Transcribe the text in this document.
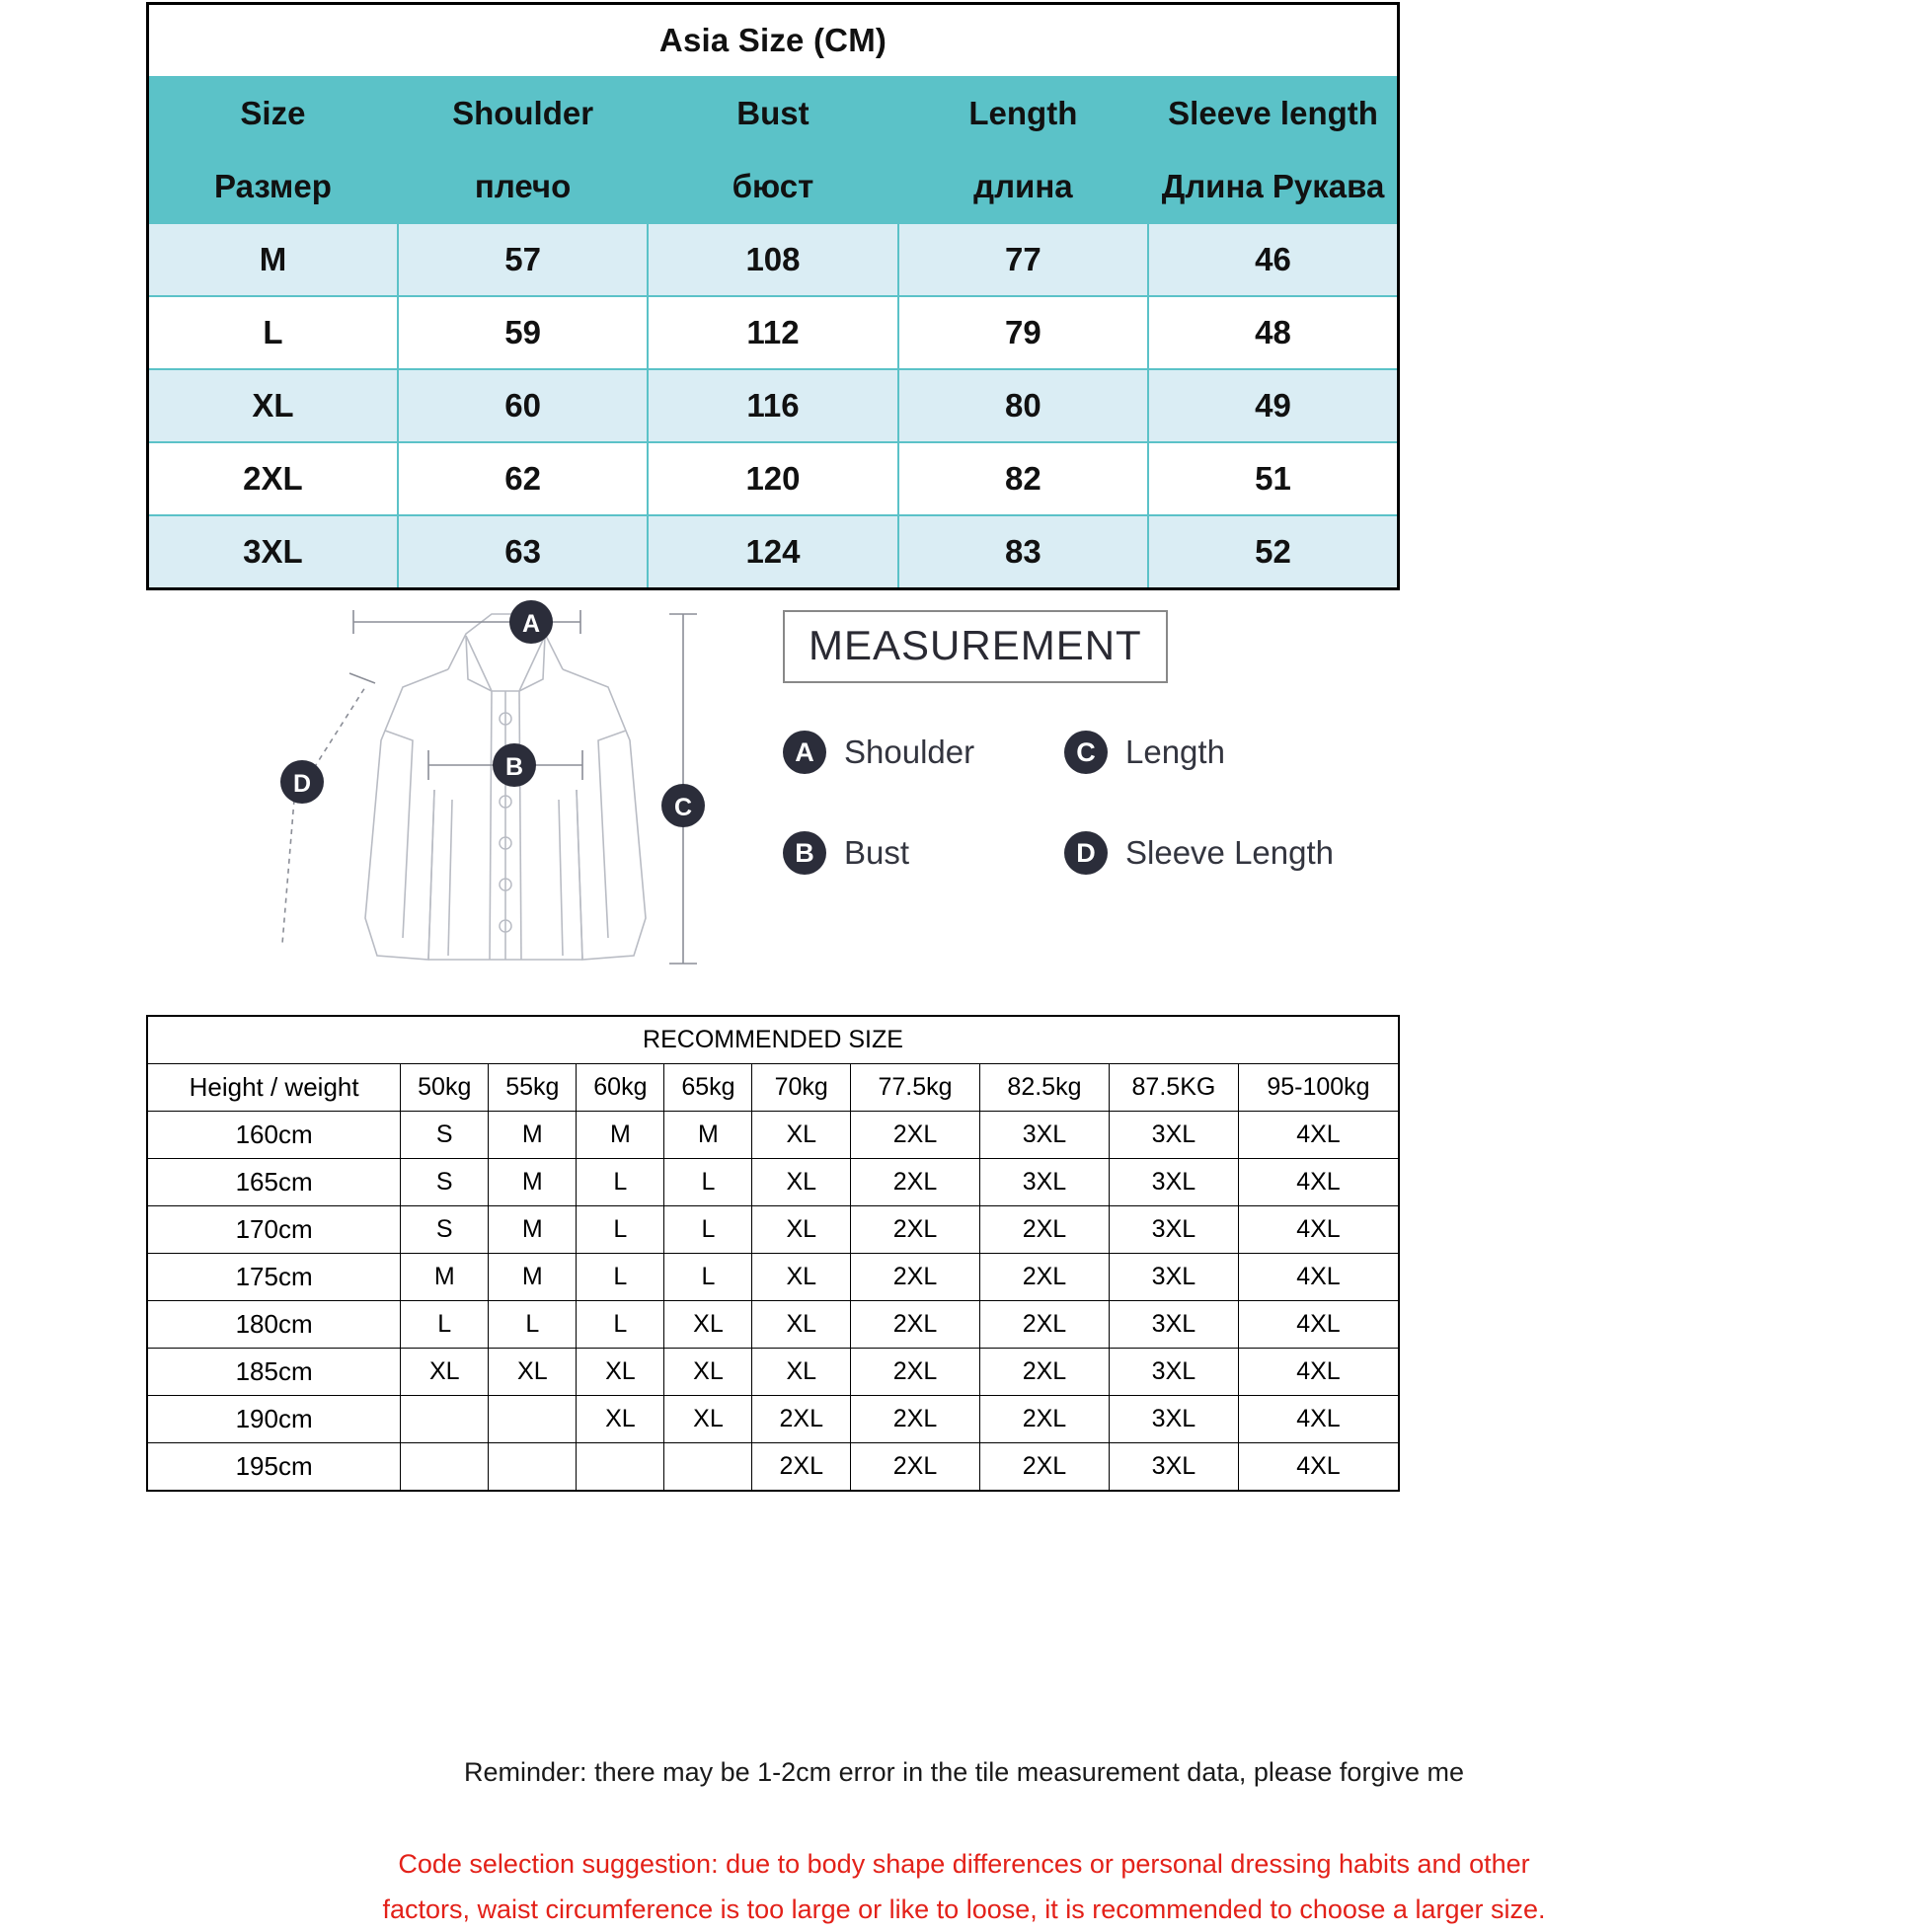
Asia Size (CM)				
Size	Shoulder	Bust	Length	Sleeve length
Размер	плечо	бюст	длина	Длина Рукава
M	57	108	77	46
L	59	112	79	48
XL	60	116	80	49
2XL	62	120	82	51
3XL	63	124	83	52
A
B
C
D
MEASUREMENT
A Shoulder	C Length
B Bust	D Sleeve Length
RECOMMENDED SIZE									
Height / weight	50kg	55kg	60kg	65kg	70kg	77.5kg	82.5kg	87.5KG	95-100kg
160cm	S	M	M	M	XL	2XL	3XL	3XL	4XL
165cm	S	M	L	L	XL	2XL	3XL	3XL	4XL
170cm	S	M	L	L	XL	2XL	2XL	3XL	4XL
175cm	M	M	L	L	XL	2XL	2XL	3XL	4XL
180cm	L	L	L	XL	XL	2XL	2XL	3XL	4XL
185cm	XL	XL	XL	XL	XL	2XL	2XL	3XL	4XL
190cm			XL	XL	2XL	2XL	2XL	3XL	4XL
195cm					2XL	2XL	2XL	3XL	4XL
Reminder: there may be 1-2cm error in the tile measurement data, please forgive me
Code selection suggestion: due to body shape differences or personal dressing habits and other
factors, waist circumference is too large or like to loose, it is recommended to choose a larger size.
